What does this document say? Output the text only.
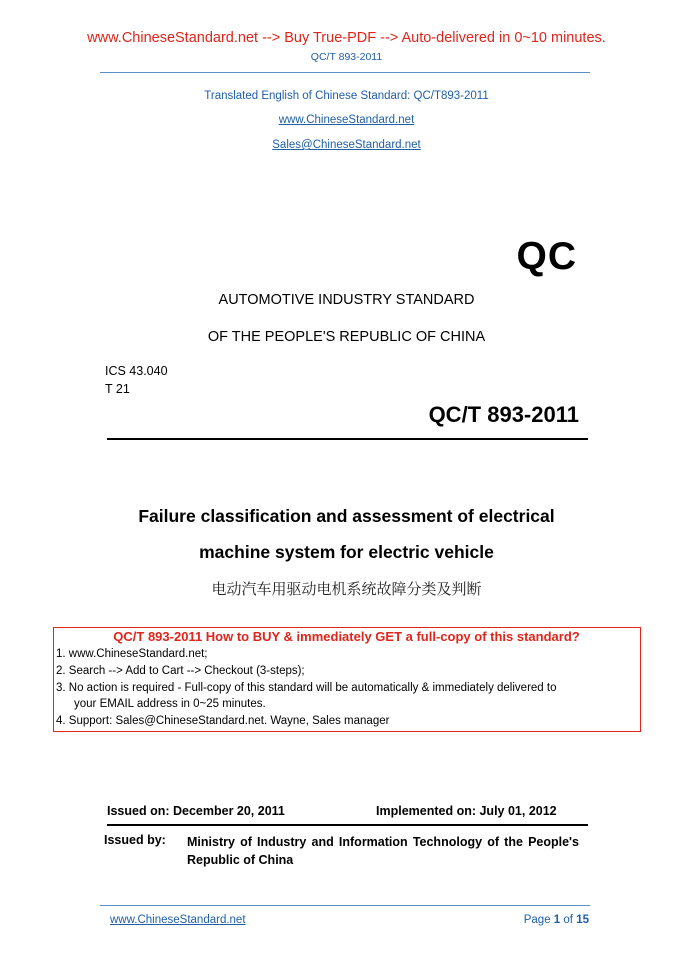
www.ChineseStandard.net --> Buy True-PDF --> Auto-delivered in 0~10 minutes.
QC/T 893-2011
Translated English of Chinese Standard: QC/T893-2011
www.ChineseStandard.net
Sales@ChineseStandard.net
QC
AUTOMOTIVE INDUSTRY STANDARD
OF THE PEOPLE'S REPUBLIC OF CHINA
ICS 43.040
T 21
QC/T 893-2011
Failure classification and assessment of electrical
machine system for electric vehicle
电动汽车用驱动电机系统故障分类及判断
QC/T 893-2011 How to BUY & immediately GET a full-copy of this standard?
1. www.ChineseStandard.net;
2. Search --> Add to Cart --> Checkout (3-steps);
3. No action is required - Full-copy of this standard will be automatically & immediately delivered to
your EMAIL address in 0~25 minutes.
4. Support: Sales@ChineseStandard.net. Wayne, Sales manager
Issued on: December 20, 2011	Implemented on: July 01, 2012
Issued by: Ministry of Industry and Information Technology of the People's Republic of China
www.ChineseStandard.net	Page 1 of 15
